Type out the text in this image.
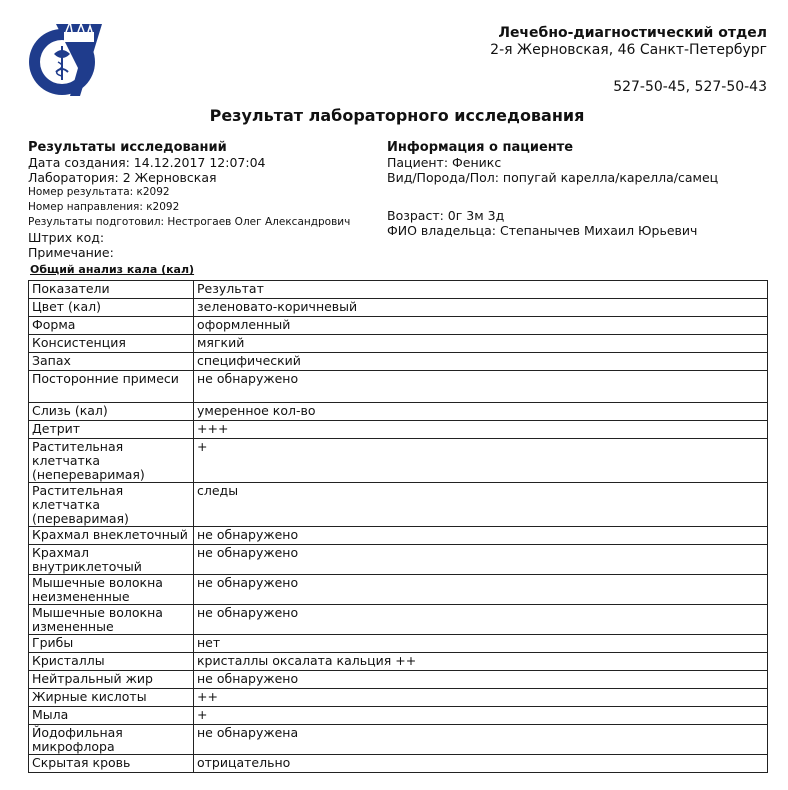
Лечебно-диагностический отдел
2-я Жерновская, 46 Санкт-Петербург
527-50-45, 527-50-43
Результат лабораторного исследования
Результаты исследований
Дата создания: 14.12.2017 12:07:04
Лаборатория: 2 Жерновская
Номер результата: к2092
Номер направления: к2092
Результаты подготовил: Нестрогаев Олег Александрович
Штрих код:
Примечание:
Информация о пациенте
Пациент: Феникс
Вид/Порода/Пол: попугай карелла/карелла/самец
Возраст: 0г 3м 3д
ФИО владельца: Степанычев Михаил Юрьевич
Общий анализ кала (кал)
Показатели	Результат
Цвет (кал)	зеленовато-коричневый
Форма	оформленный
Консистенция	мягкий
Запах	специфический
Посторонние примеси	не обнаружено
Слизь (кал)	умеренное кол-во
Детрит	+++
Растительная клетчатка (непереваримая)	+
Растительная клетчатка (переваримая)	следы
Крахмал внеклеточный	не обнаружено
Крахмал внутриклеточый	не обнаружено
Мышечные волокна неизмененные	не обнаружено
Мышечные волокна измененные	не обнаружено
Грибы	нет
Кристаллы	кристаллы оксалата кальция ++
Нейтральный жир	не обнаружено
Жирные кислоты	++
Мыла	+
Йодофильная микрофлора	не обнаружена
Скрытая кровь	отрицательно
